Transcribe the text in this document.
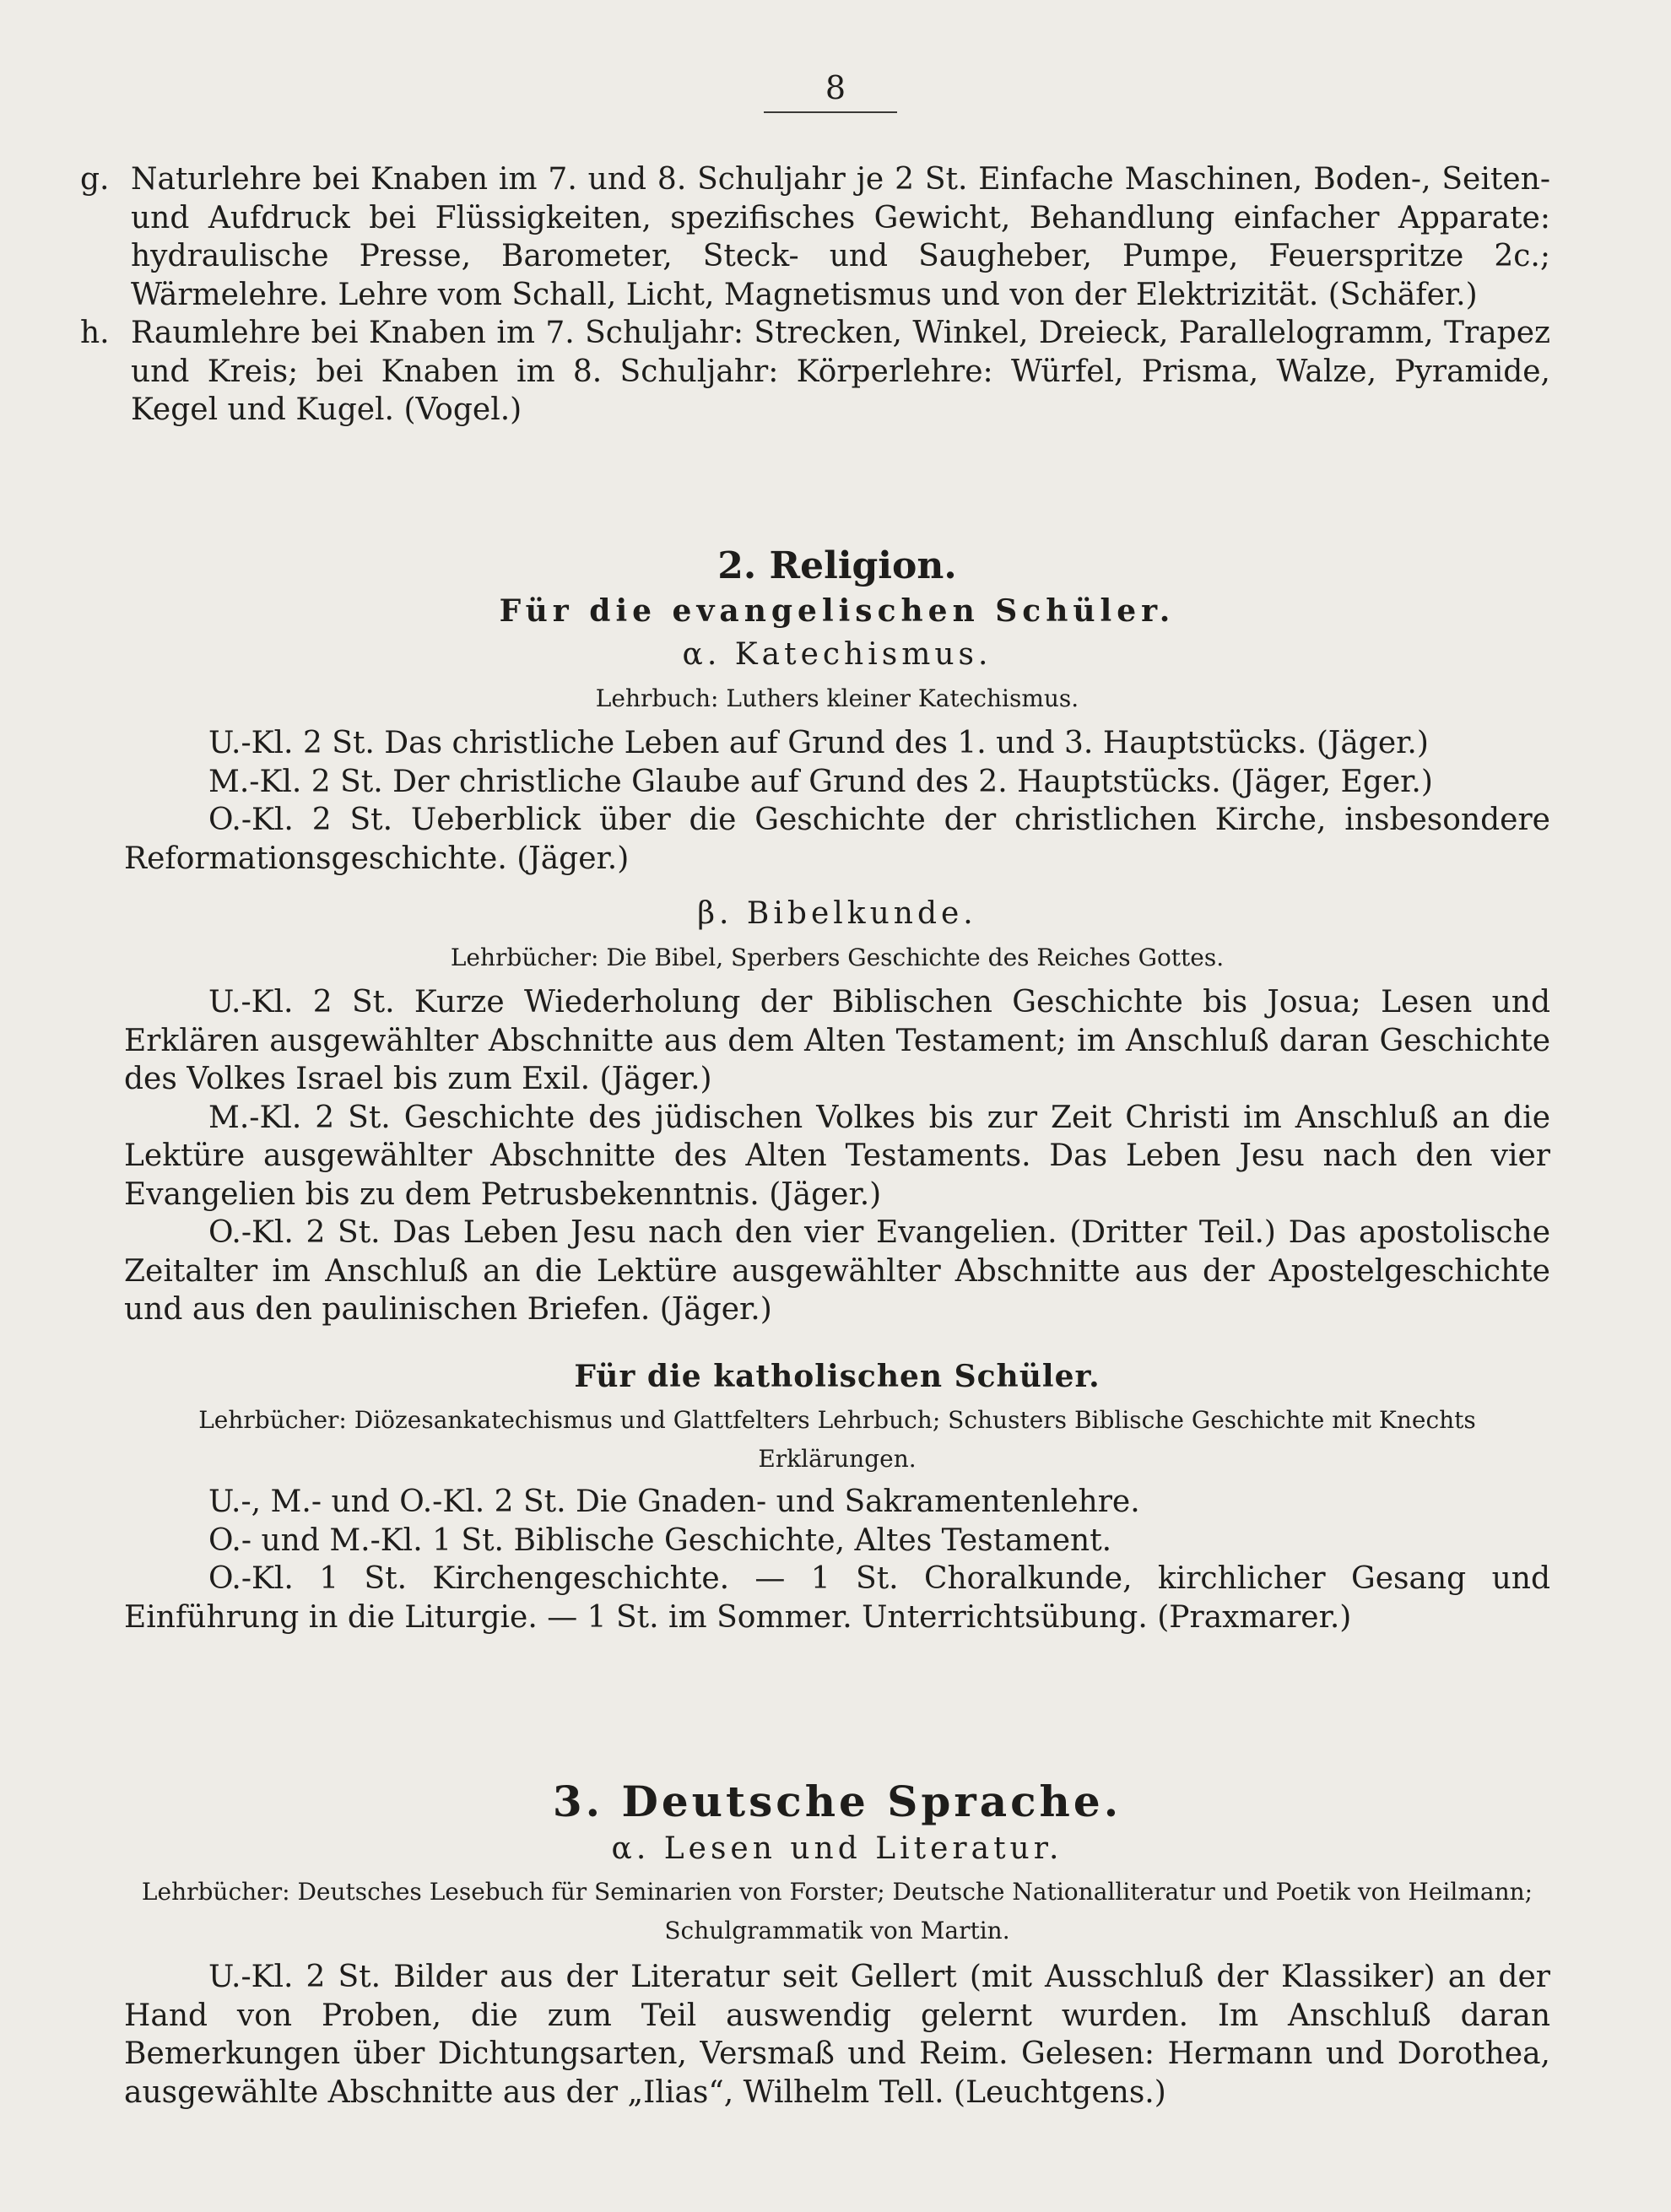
8
g. Naturlehre bei Knaben im 7. und 8. Schuljahr je 2 St. Einfache Maschinen, Boden-, Seiten- und Aufdruck bei Flüssigkeiten, spezifisches Gewicht, Behandlung einfacher Apparate: hydraulische Presse, Barometer, Steck- und Saugheber, Pumpe, Feuerspritze 2c.; Wärmelehre. Lehre vom Schall, Licht, Magnetismus und von der Elektrizität. (Schäfer.)
h. Raumlehre bei Knaben im 7. Schuljahr: Strecken, Winkel, Dreieck, Parallelogramm, Trapez und Kreis; bei Knaben im 8. Schuljahr: Körperlehre: Würfel, Prisma, Walze, Pyramide, Kegel und Kugel. (Vogel.)
2. Religion.
Für die evangelischen Schüler.
α. Katechismus.
Lehrbuch: Luthers kleiner Katechismus.

U.-Kl. 2 St. Das christliche Leben auf Grund des 1. und 3. Hauptstücks. (Jäger.)

M.-Kl. 2 St. Der christliche Glaube auf Grund des 2. Hauptstücks. (Jäger, Eger.)

O.-Kl. 2 St. Ueberblick über die Geschichte der christlichen Kirche, insbesondere Reformationsgeschichte. (Jäger.)

β. Bibelkunde.
Lehrbücher: Die Bibel, Sperbers Geschichte des Reiches Gottes.

U.-Kl. 2 St. Kurze Wiederholung der Biblischen Geschichte bis Josua; Lesen und Erklären ausgewählter Abschnitte aus dem Alten Testament; im Anschluß daran Geschichte des Volkes Israel bis zum Exil. (Jäger.)

M.-Kl. 2 St. Geschichte des jüdischen Volkes bis zur Zeit Christi im Anschluß an die Lektüre ausgewählter Abschnitte des Alten Testaments. Das Leben Jesu nach den vier Evangelien bis zu dem Petrusbekenntnis. (Jäger.)

O.-Kl. 2 St. Das Leben Jesu nach den vier Evangelien. (Dritter Teil.) Das apostolische Zeitalter im Anschluß an die Lektüre ausgewählter Abschnitte aus der Apostelgeschichte und aus den paulinischen Briefen. (Jäger.)

Für die katholischen Schüler.
Lehrbücher: Diözesankatechismus und Glattfelters Lehrbuch; Schusters Biblische Geschichte mit Knechts Erklärungen.

U.-, M.- und O.-Kl. 2 St. Die Gnaden- und Sakramentenlehre.

O.- und M.-Kl. 1 St. Biblische Geschichte, Altes Testament.

O.-Kl. 1 St. Kirchengeschichte. — 1 St. Choralkunde, kirchlicher Gesang und Einführung in die Liturgie. — 1 St. im Sommer. Unterrichtsübung. (Praxmarer.)

3. Deutsche Sprache.
α. Lesen und Literatur.
Lehrbücher: Deutsches Lesebuch für Seminarien von Forster; Deutsche Nationalliteratur und Poetik von Heilmann; Schulgrammatik von Martin.

U.-Kl. 2 St. Bilder aus der Literatur seit Gellert (mit Ausschluß der Klassiker) an der Hand von Proben, die zum Teil auswendig gelernt wurden. Im Anschluß daran Bemerkungen über Dichtungsarten, Versmaß und Reim. Gelesen: Hermann und Dorothea, ausgewählte Abschnitte aus der „Ilias“, Wilhelm Tell. (Leuchtgens.)
